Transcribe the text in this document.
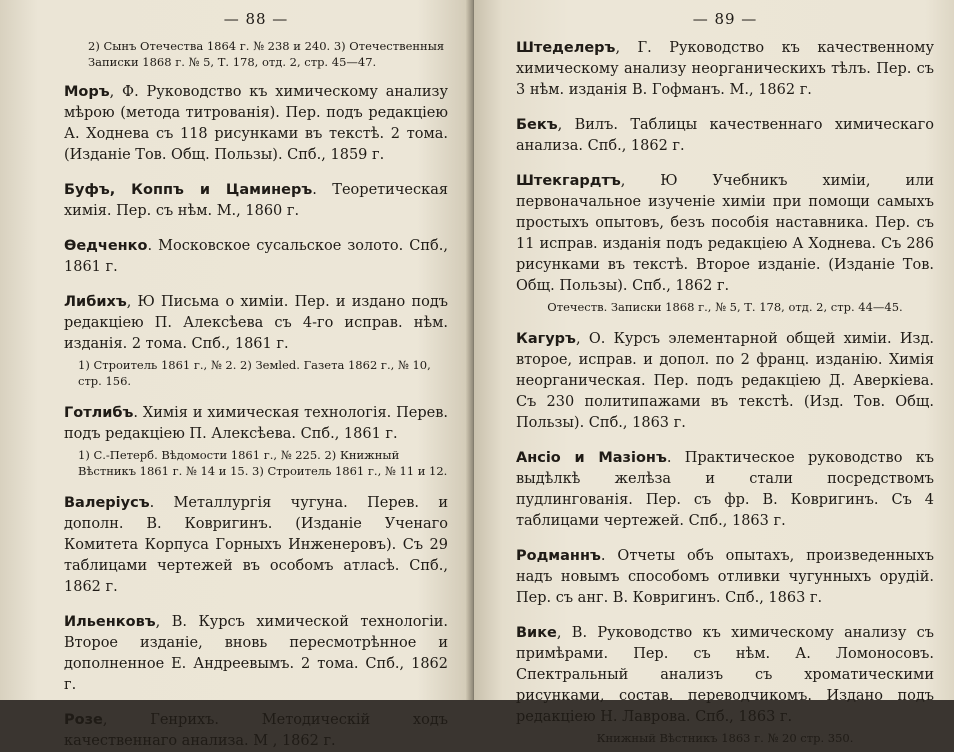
— 88 —
2) Сынъ Отечества 1864 г. № 238 и 240. 3) Отечественныя Записки 1868 г. № 5, Т. 178, отд. 2, стр. 45—47.

Моръ, Ф. Руководство къ химическому анализу мѣрою (метода титрованія). Пер. подъ редакціею А. Ходнева съ 118 рисунками въ текстѣ. 2 тома. (Изданіе Тов. Общ. Пользы). Спб., 1859 г.

Буфъ, Коппъ и Цаминеръ. Теоретическая химія. Пер. съ нѣм. М., 1860 г.

Өедченко. Московское сусальское золото. Спб., 1861 г.

Либихъ, Ю Письма о химіи. Пер. и издано подъ редакціею П. Алексѣева съ 4-го исправ. нѣм. изданія. 2 тома. Спб., 1861 г.

1) Строитель 1861 г., № 2. 2) Земled. Газета 1862 г., № 10, стр. 156.

Готлибъ. Химія и химическая технологія. Перев. подъ редакціею П. Алексѣева. Спб., 1861 г.

1) С.-Петерб. Вѣдомости 1861 г., № 225. 2) Книжный Вѣстникъ 1861 г. № 14 и 15. 3) Строитель 1861 г., № 11 и 12.

Валеріусъ. Металлургія чугуна. Перев. и дополн. В. Ковригинъ. (Изданіе Ученаго Комитета Корпуса Горныхъ Инженеровъ). Съ 29 таблицами чертежей въ особомъ атласѣ. Спб., 1862 г.

Ильенковъ, В. Курсъ химической технологіи. Второе изданіе, вновь пересмотрѣнное и дополненное Е. Андреевымъ. 2 тома. Спб., 1862 г.

Розе, Генрихъ. Методическій ходъ качественнаго анализа. М , 1862 г.

— 89 —

Штеделеръ, Г. Руководство къ качественному химическому анализу неорганическихъ тѣлъ. Пер. съ 3 нѣм. изданія В. Гофманъ. М., 1862 г.

Бекъ, Вилъ. Таблицы качественнаго химическаго анализа. Спб., 1862 г.

Штекгардтъ, Ю Учебникъ химіи, или первоначальное изученіе химіи при помощи самыхъ простыхъ опытовъ, безъ пособія наставника. Пер. съ 11 исправ. изданія подъ редакціею А Ходнева. Съ 286 рисунками въ текстѣ. Второе изданіе. (Изданіе Тов. Общ. Пользы). Спб., 1862 г.

Отечеств. Записки 1868 г., № 5, Т. 178, отд. 2, стр. 44—45.

Кагуръ, О. Курсъ элементарной общей химіи. Изд. второе, исправ. и допол. по 2 франц. изданію. Химія неорганическая. Пер. подъ редакціею Д. Аверкіева. Съ 230 политипажами въ текстѣ. (Изд. Тов. Общ. Пользы). Спб., 1863 г.

Ансіо и Мазіонъ. Практическое руководство къ выдѣлкѣ желѣза и стали посредствомъ пудлингованія. Пер. съ фр. В. Ковригинъ. Съ 4 таблицами чертежей. Спб., 1863 г.

Родманнъ. Отчеты объ опытахъ, произведенныхъ надъ новымъ способомъ отливки чугунныхъ орудій. Пер. съ анг. В. Ковригинъ. Спб., 1863 г.

Вике, В. Руководство къ химическому анализу съ примѣрами. Пер. съ нѣм. А. Ломоносовъ. Спектральный анализъ съ хроматическими рисунками, состав. переводчикомъ. Издано подъ редакціею Н. Лаврова. Спб., 1863 г.

Книжный Вѣстникъ 1863 г. № 20 стр. 350.
